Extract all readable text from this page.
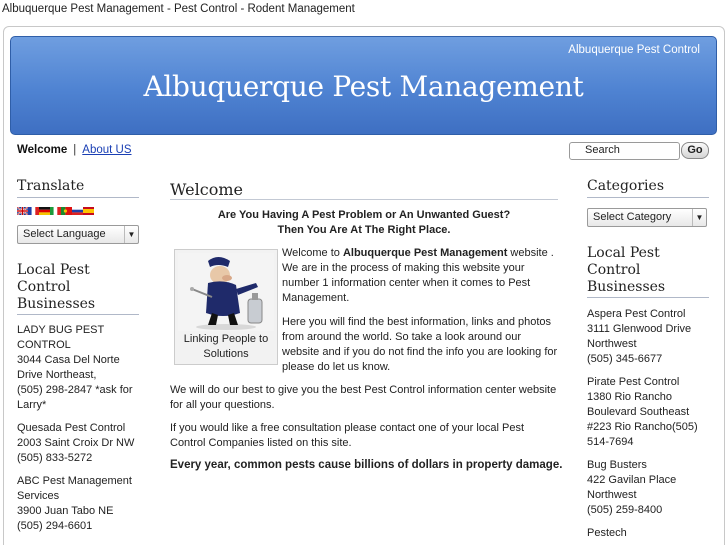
Albuquerque Pest Management - Pest Control - Rodent Management
Albuquerque Pest Control
Albuquerque Pest Management
Welcome | About US	Search	Go
Translate
Select Language	▼
Local Pest Control Businesses
LADY BUG PEST CONTROL
3044 Casa Del Norte Drive Northeast,
(505) 298-2847 *ask for Larry*
Quesada Pest Control
2003 Saint Croix Dr NW
(505) 833-5272
ABC Pest Management Services
3900 Juan Tabo NE
(505) 294-6601
Welcome
Are You Having A Pest Problem or An Unwanted Guest?
Then You Are At The Right Place.
Linking People to Solutions
Welcome to Albuquerque Pest Management website . We are in the process of making this website your number 1 information center when it comes to Pest Management.
Here you will find the best information, links and photos from around the world. So take a look around our website and if you do not find the info you are looking for please do let us know.
We will do our best to give you the best Pest Control information center website for all your questions.
If you would like a free consultation please contact one of your local Pest Control Companies listed on this site.
Every year, common pests cause billions of dollars in property damage.
Categories
Select Category	▼
Local Pest Control Businesses
Aspera Pest Control
3111 Glenwood Drive Northwest
(505) 345-6677
Pirate Pest Control
1380 Rio Rancho Boulevard Southeast #223 Rio Rancho(505) 514-7694
Bug Busters
422 Gavilan Place Northwest
(505) 259-8400
Pestech
